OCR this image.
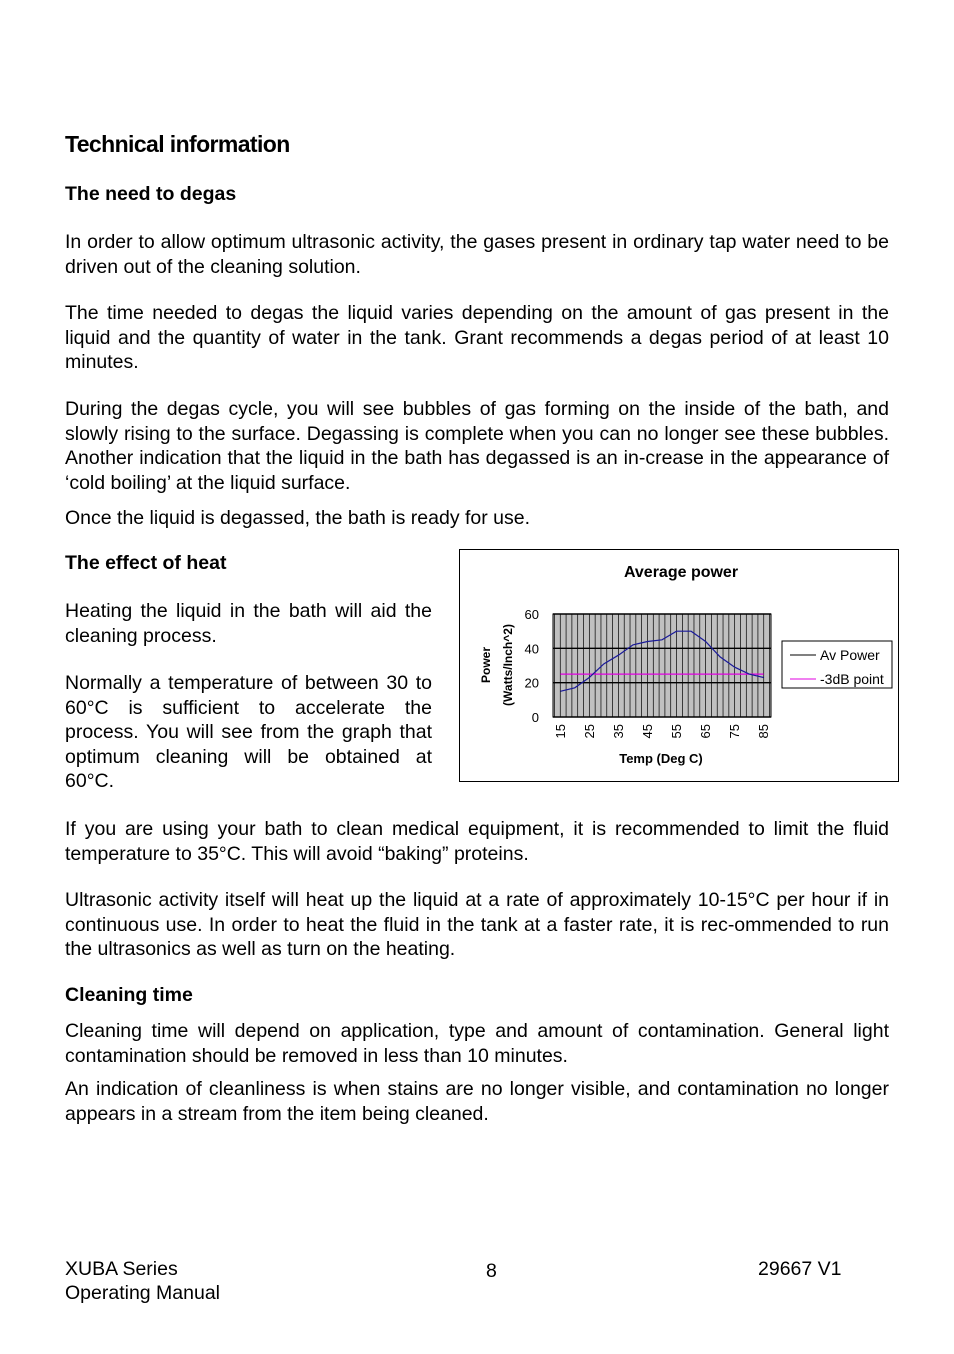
Technical information
The need to degas

In order to allow optimum ultrasonic activity, the gases present in ordinary tap water need to be driven out of the cleaning solution.

The time needed to degas the liquid varies depending on the amount of gas present in the liquid and the quantity of water in the tank. Grant recommends a degas period of at least 10 minutes.

During the degas cycle, you will see bubbles of gas forming on the inside of the bath, and slowly rising to the surface. Degassing is complete when you can no longer see these bubbles. Another indication that the liquid in the bath has degassed is an in-crease in the appearance of ‘cold boiling’ at the liquid surface.

Once the liquid is degassed, the bath is ready for use.

The effect of heat

Heating the liquid in the bath will aid the cleaning process.

Normally a temperature of between 30 to 60°C is sufficient to accelerate the process. You will see from the graph that optimum cleaning will be obtained at 60°C.

Average power
0
20
40
60
15 25 35 45 55 65 75 85
Temp (Deg C)
Power (Watts/Inch^2)	Av Power
-3dB point

If you are using your bath to clean medical equipment, it is recommended to limit the fluid temperature to 35°C. This will avoid “baking” proteins.

Ultrasonic activity itself will heat up the liquid at a rate of approximately 10-15°C per hour if in continuous use. In order to heat the fluid in the tank at a faster rate, it is rec-ommended to run the ultrasonics as well as turn on the heating.

Cleaning time

Cleaning time will depend on application, type and amount of contamination. General light contamination should be removed in less than 10 minutes.

An indication of cleanliness is when stains are no longer visible, and contamination no longer appears in a stream from the item being cleaned.

XUBA Series
Operating Manual
8	29667 V1
